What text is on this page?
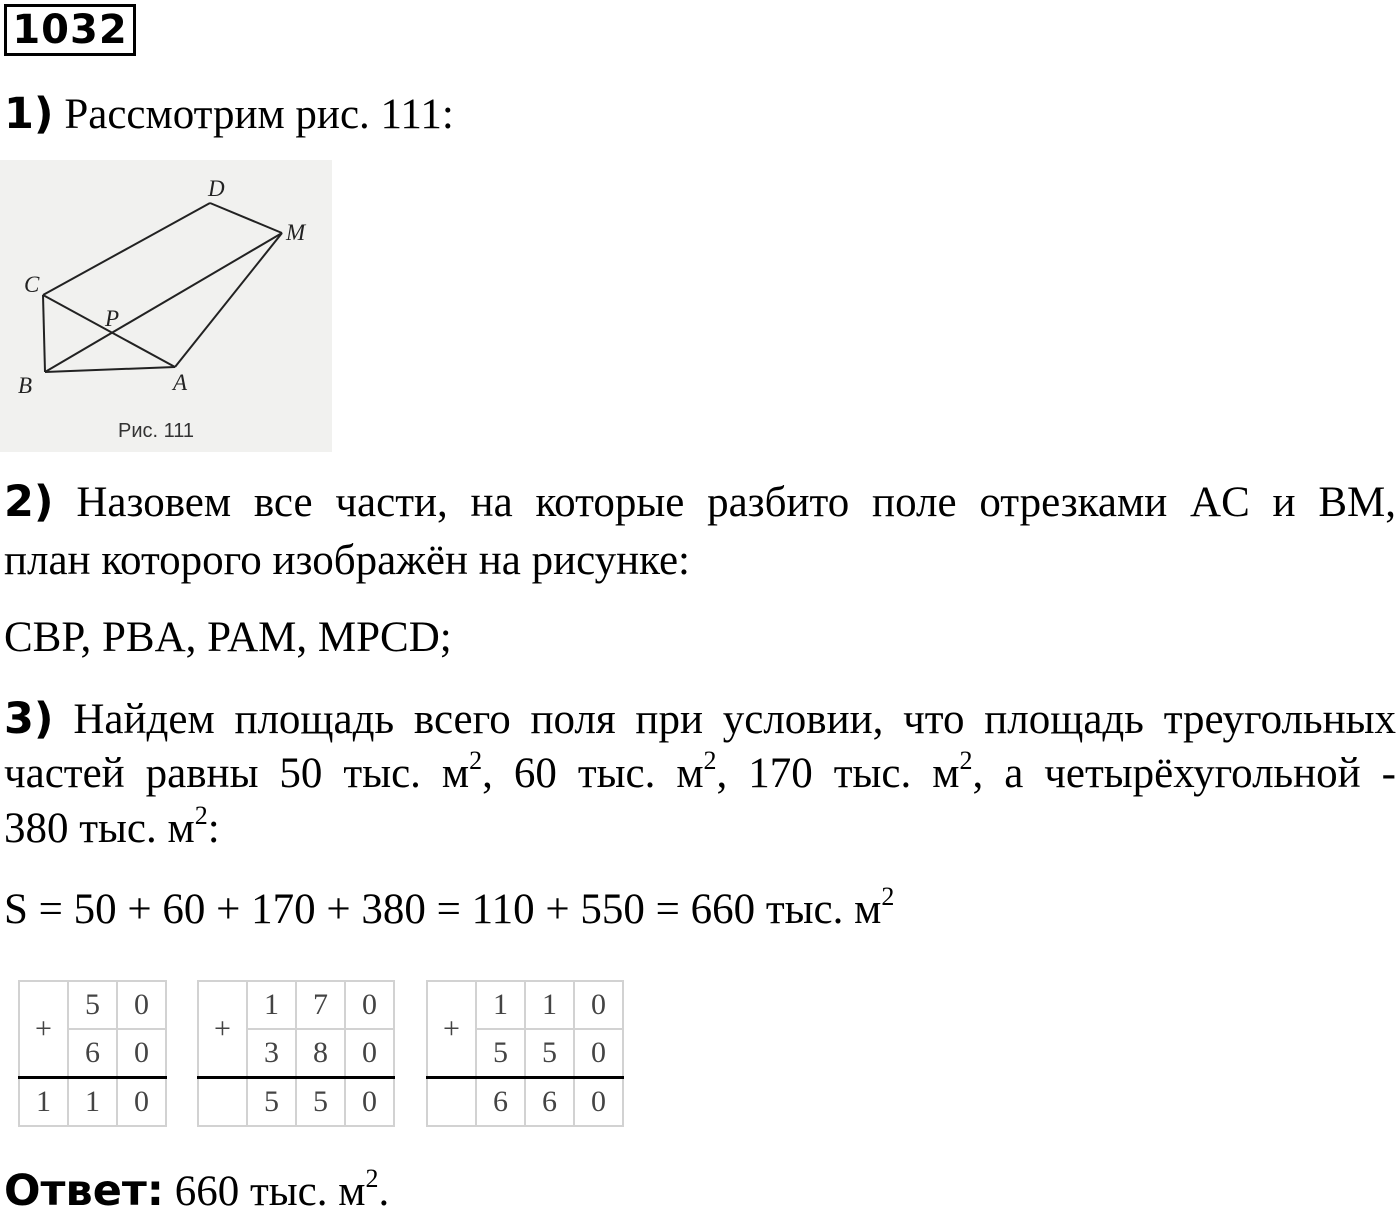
1032
1) Рассмотрим рис. 111:
B	A
C
D
M
P
Рис. 111
2) Назовем все части, на которые разбито поле отрезками AC и BM,
план которого изображён на рисунке:
CBP, PBA, PAM, MPCD;
3) Найдем площадь всего поля при условии, что площадь треугольных
частей равны 50 тыс. $м^2$, 60 тыс. $м^2$, 170 тыс. $м^2$, а четырёхугольной -
380 тыс. $м^2$:
S = 50 + 60 + 170 + 380 = 110 + 550 = 660 тыс. $м^2$
+	5	0
	6	0
1	1	0
+	1	7	0
	3	8	0
	5	5	0
+	1	1	0
	5	5	0
	6	6	0
Ответ: 660 тыс. $м^2$.
